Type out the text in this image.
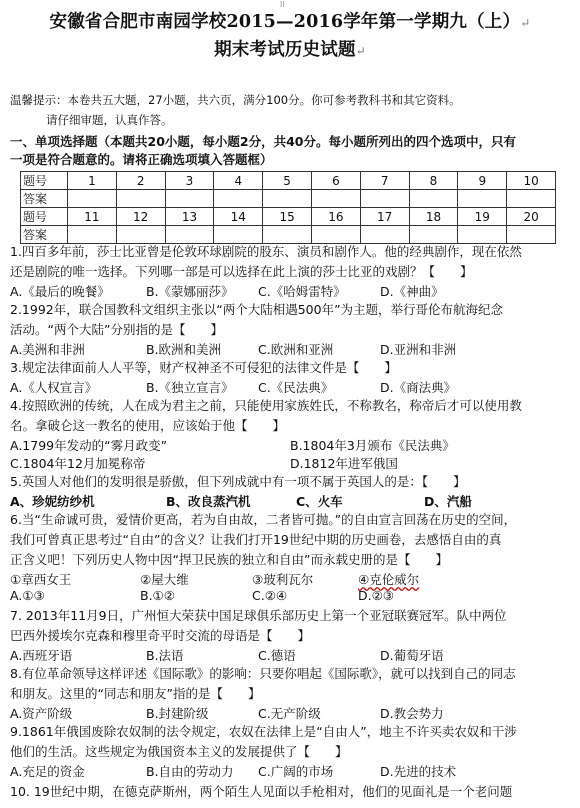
II
安徽省合肥市南园学校2015—2016学年第一学期九（上）↵
期末考试历史试题↵
温馨提示：本卷共五大题，27小题，共六页，满分100分。你可参考教科书和其它资料。
请仔细审题，认真作答。
一、单项选择题（本题共20小题，每小题2分，共40分。每小题所列出的四个选项中，只有
一项是符合题意的。请将正确选项填入答题框）
题号	1	2	3	4	5	6	7	8	9	10
答案										
题号	11	12	13	14	15	16	17	18	19	20
答案										
1.四百多年前，莎士比亚曾是伦敦环球剧院的股东、演员和剧作人。他的经典剧作，现在依然
还是剧院的唯一选择。下列哪一部是可以选择在此上演的莎士比亚的戏剧？【　　】
A.《最后的晚餐》	B.《蒙娜丽莎》 C.《哈姆雷特》	D.《神曲》
2.1992年，联合国教科文组织主张以“两个大陆相遇500年”为主题，举行哥伦布航海纪念
活动。“两个大陆”分别指的是【　　】
A.美洲和非洲	B.欧洲和美洲	C.欧洲和亚洲	D.亚洲和非洲
3.规定法律面前人人平等，财产权神圣不可侵犯的法律文件是【　　】
A.《人权宣言》	B.《独立宣言》 C.《民法典》	D.《商法典》
4.按照欧洲的传统，人在成为君主之前，只能使用家族姓氏，不称教名，称帝后才可以使用教
名。拿破仑这一教名的使用，应该始于他【　　】
A.1799年发动的“雾月政变”	B.1804年3月颁布《民法典》
C.1804年12月加冕称帝	D.1812年进军俄国
5.英国人对他们的发明很是骄傲，但下列成就中有一项不属于英国人的是：【　　】
A、珍妮纺纱机	B、改良蒸汽机	C、火车	D、汽船
6.当“生命诚可贵，爱情价更高，若为自由故，二者皆可抛。”的自由宣言回荡在历史的空间，
我们可曾真正思考过“自由”的含义？让我们打开19世纪中期的历史画卷，去感悟自由的真
正含义吧！下列历史人物中因“捍卫民族的独立和自由”而永载史册的是【　　】
①章西女王	②屋大维	③玻利瓦尔	④克伦威尔
A.①③	B.①②	C.②④	D.②③
7. 2013年11月9日，广州恒大荣获中国足球俱乐部历史上第一个亚冠联赛冠军。队中两位
巴西外援埃尔克森和穆里奇平时交流的母语是【　　】
A.西班牙语	B.法语	C.德语	D.葡萄牙语
8.有位革命领导这样评述《国际歌》的影响：只要你唱起《国际歌》，就可以找到自己的同志
和朋友。这里的“同志和朋友”指的是【　　】
A.资产阶级	B.封建阶级	C.无产阶级	D.教会势力
9.1861年俄国废除农奴制的法令规定，农奴在法律上是“自由人”，地主不许买卖农奴和干涉
他们的生活。这些规定为俄国资本主义的发展提供了【　　】
A.充足的资金	B.自由的劳动力 C.广阔的市场	D.先进的技术
10. 19世纪中期，在德克萨斯州，两个陌生人见面以手枪相对，他们的见面礼是一个老问题
